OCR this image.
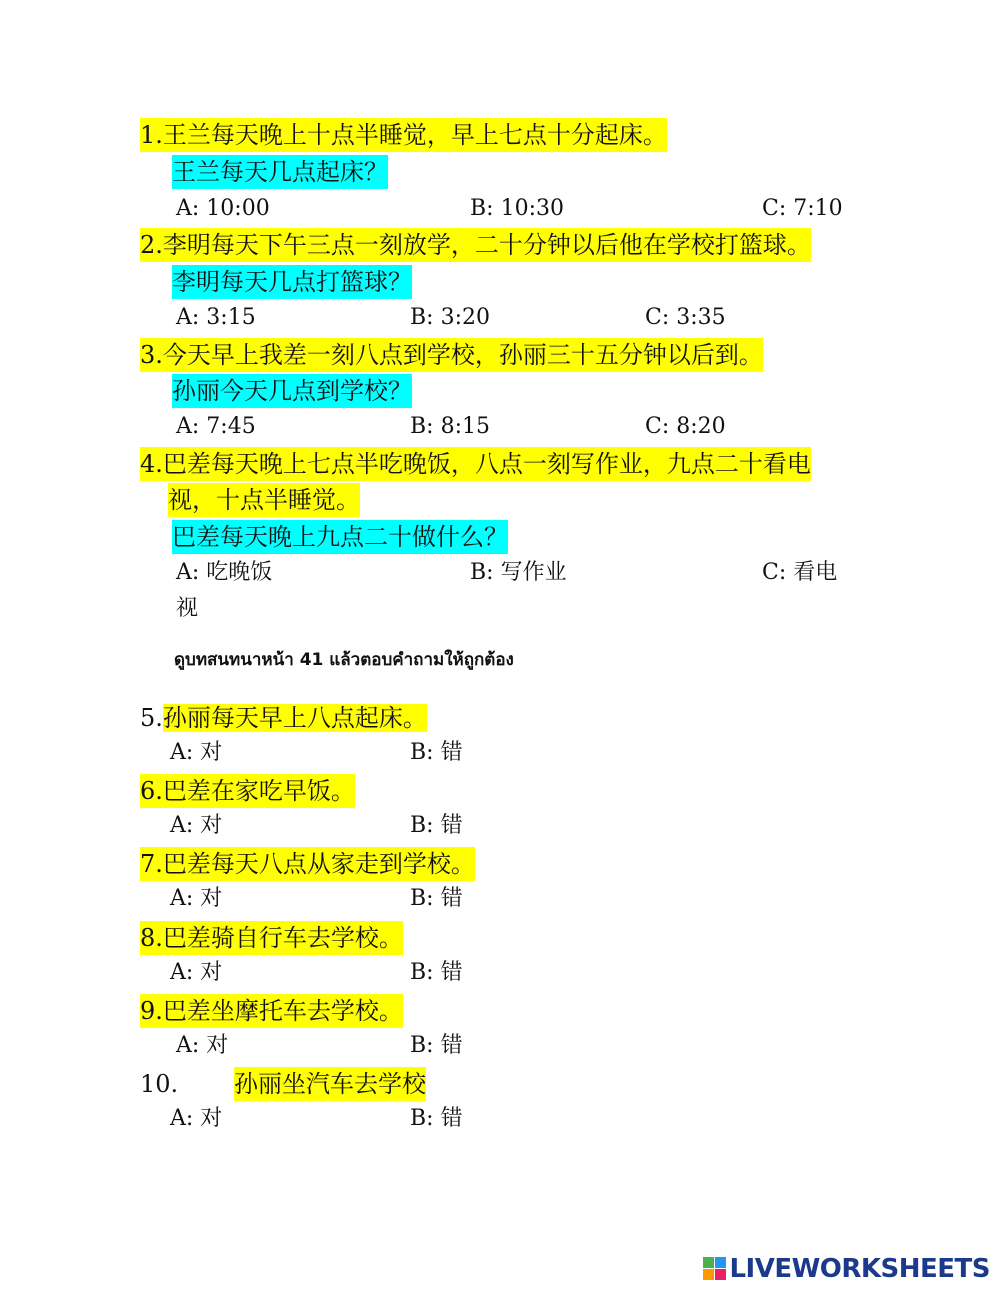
1.王兰每天晚上十点半睡觉，早上七点十分起床。
王兰每天几点起床？
A: 10:00	B: 10:30	C: 7:10
2.李明每天下午三点一刻放学，二十分钟以后他在学校打篮球。
李明每天几点打篮球？
A: 3:15	B: 3:20	C: 3:35
3.今天早上我差一刻八点到学校，孙丽三十五分钟以后到。
孙丽今天几点到学校？
A: 7:45	B: 8:15	C: 8:20
4.巴差每天晚上七点半吃晚饭，八点一刻写作业，九点二十看电
视，十点半睡觉。
巴差每天晚上九点二十做什么？
A: 吃晚饭	B: 写作业	C: 看电
视
ดูบทสนทนาหน้า 41 แล้วตอบคำถามให้ถูกต้อง
5.孙丽每天早上八点起床。
A: 对	B: 错
6.巴差在家吃早饭。
A: 对	B: 错
7.巴差每天八点从家走到学校。
A: 对	B: 错
8.巴差骑自行车去学校。
A: 对	B: 错
9.巴差坐摩托车去学校。
A: 对	B: 错
10. 孙丽坐汽车去学校
A: 对	B: 错
LIVEWORKSHEETS
